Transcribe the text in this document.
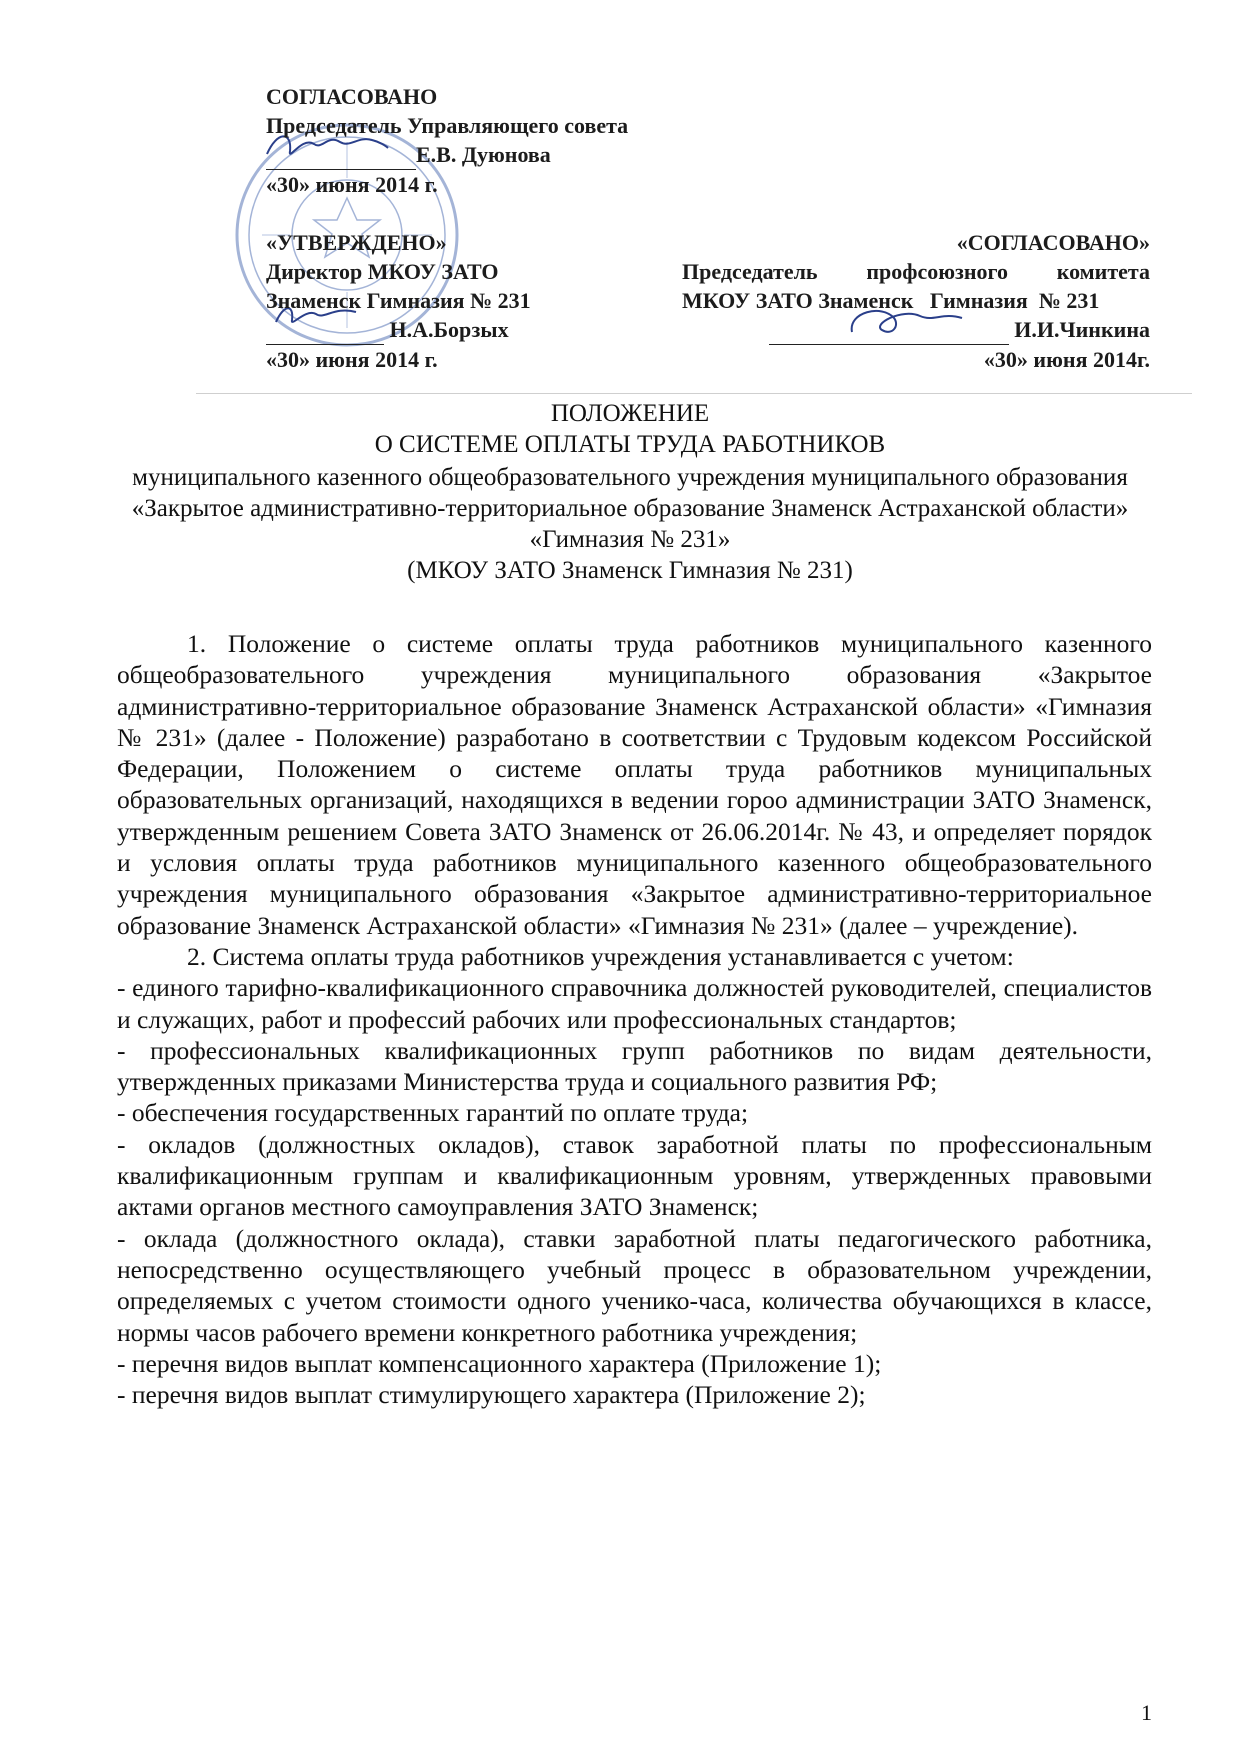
СОГЛАСОВАНО
Председатель Управляющего совета
Е.В. Дуюнова
«30» июня 2014 г.
«УТВЕРЖДЕНО»
Директор МКОУ ЗАТО
Знаменск Гимназия № 231
Н.А.Борзых
«30» июня 2014 г.
«СОГЛАСОВАНО»
Председатель профсоюзного комитета
МКОУ ЗАТО Знаменск   Гимназия  № 231
И.И.Чинкина
«30» июня 2014г.
ПОЛОЖЕНИЕ
О СИСТЕМЕ ОПЛАТЫ ТРУДА РАБОТНИКОВ
муниципального казенного общеобразовательного учреждения муниципального образования «Закрытое административно-территориальное образование Знаменск Астраханской области» «Гимназия № 231»
(МКОУ ЗАТО Знаменск Гимназия № 231)

1. Положение о системе оплаты труда работников муниципального казенного общеобразовательного учреждения муниципального образования «Закрытое административно-территориальное образование Знаменск Астраханской области» «Гимназия № 231» (далее - Положение) разработано в соответствии с Трудовым кодексом Российской Федерации, Положением о системе оплаты труда работников муниципальных образовательных организаций, находящихся в ведении гороо администрации ЗАТО Знаменск, утвержденным решением Совета ЗАТО Знаменск от 26.06.2014г. № 43, и определяет порядок и условия оплаты труда работников муниципального казенного общеобразовательного учреждения муниципального образования «Закрытое административно-территориальное образование Знаменск Астраханской области» «Гимназия № 231» (далее – учреждение).

2. Система оплаты труда работников учреждения устанавливается с учетом:

- единого тарифно-квалификационного справочника должностей руководителей, специалистов и служащих, работ и профессий рабочих или профессиональных стандартов;

- профессиональных квалификационных групп работников по видам деятельности, утвержденных приказами Министерства труда и социального развития РФ;

- обеспечения государственных гарантий по оплате труда;

- окладов (должностных окладов), ставок заработной платы по профессиональным квалификационным группам и квалификационным уровням, утвержденных правовыми актами органов местного самоуправления ЗАТО Знаменск;

- оклада (должностного оклада), ставки заработной платы педагогического работника, непосредственно осуществляющего учебный процесс в образовательном учреждении, определяемых с учетом стоимости одного ученико-часа, количества обучающихся в классе, нормы часов рабочего времени конкретного работника учреждения;

- перечня видов выплат компенсационного характера (Приложение 1);

- перечня видов выплат стимулирующего характера (Приложение 2);

1
